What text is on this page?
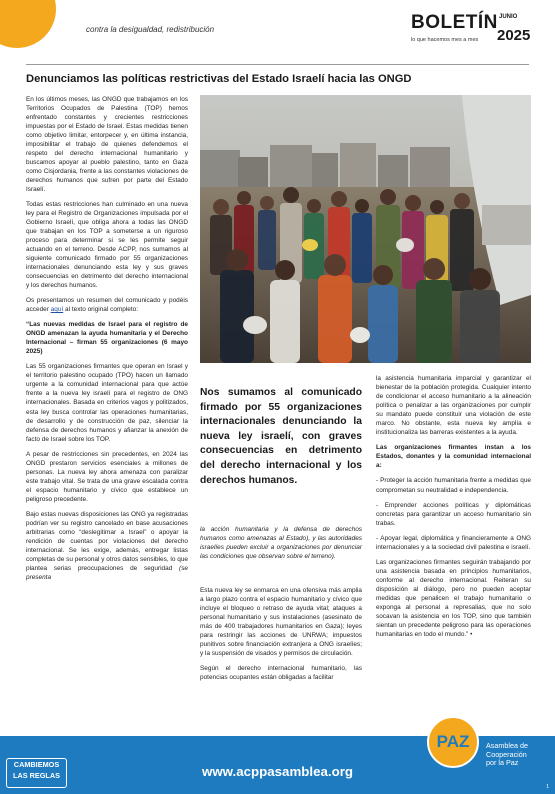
contra la desigualdad, redistribución	BOLETÍN JUNIO
2025
lo que hacemos mes a mes
Denunciamos las políticas restrictivas del Estado Israelí hacia las ONGD

En los últimos meses, las ONGD que trabajamos en los Territorios Ocupados de Palestina (TOP) hemos enfrentado constantes y crecientes restricciones impuestas por el Estado de Israel. Estas medidas tienen como objetivo limitar, entorpecer y, en última instancia, imposibilitar el trabajo de quienes defendemos el respeto del derecho internacional humanitario y buscamos apoyar al pueblo palestino, tanto en Gaza como Cisjordania, frente a las constantes violaciones de derechos humanos que sufren por parte del Estado Israelí.

Todas estas restricciones han culminado en una nueva ley para el Registro de Organizaciones impulsada por el Gobierno Israelí, que obliga ahora a todas las ONGD que trabajan en los TOP a someterse a un riguroso proceso para determinar si se les permite seguir actuando en el terreno. Desde ACPP, nos sumamos al siguiente comunicado firmado por 55 organizaciones internacionales denunciando esta ley y sus graves consecuencias en detrimento del derecho internacional y los derechos humanos.

Os presentamos un resumen del comunicado y podéis acceder aquí al texto original completo:

“Las nuevas medidas de Israel para el registro de ONGD amenazan la ayuda humanitaria y el Derecho Internacional – firman 55 organizaciones (6 mayo 2025)

Las 55 organizaciones firmantes que operan en Israel y el territorio palestino ocupado (TPO) hacen un llamado urgente a la comunidad internacional para que actúe frente a la nueva ley israelí para el registro de ONG internacionales. Basada en criterios vagos y politizados, esta ley busca controlar las operaciones humanitarias, de desarrollo y de construcción de paz, silenciar la defensa de derechos humanos y afianzar la anexión de facto de Israel sobre los TOP.

A pesar de restricciones sin precedentes, en 2024 las ONGD prestaron servicios esenciales a millones de personas. La nueva ley ahora amenaza con paralizar este trabajo vital. Se trata de una grave escalada contra el espacio humanitario y cívico que establece un peligroso precedente.

Bajo estas nuevas disposiciones las ONG ya registradas podrían ver su registro cancelado en base acusaciones arbitrarias como “deslegitimar a Israel” o apoyar la rendición de cuentas por violaciones del derecho internacional. Se les exige, además, entregar listas completas de su personal y otros datos sensibles, lo que plantea serias preocupaciones de seguridad (se presenta

Nos sumamos al comunicado firmado por 55 organizaciones internacionales denunciando la nueva ley israelí, con graves consecuencias en detrimento del derecho internacional y los derechos humanos.
la acción humanitaria y la defensa de derechos humanos como amenazas al Estado), y las autoridades israelíes pueden excluir a organizaciones por denunciar las condiciones que observan sobre el terreno).

Esta nueva ley se enmarca en una ofensiva más amplia a largo plazo contra el espacio humanitario y cívico que incluye el bloqueo o retraso de ayuda vital; ataques a personal humanitario y sus instalaciones (asesinato de más de 400 trabajadores humanitarios en Gaza); leyes para restringir las acciones de UNRWA; impuestos punitivos sobre financiación extranjera a ONG israelíes; y la suspensión de visados y permisos de circulación.

Según el derecho internacional humanitario, las potencias ocupantes están obligadas a facilitar

la asistencia humanitaria imparcial y garantizar el bienestar de la población protegida. Cualquier intento de condicionar el acceso humanitario a la alineación política o penalizar a las organizaciones por cumplir su mandato puede constituir una violación de este marco. No obstante, esta nueva ley amplía e institucionaliza las barreras existentes a la ayuda.

Las organizaciones firmantes instan a los Estados, donantes y la comunidad internacional a:

- Proteger la acción humanitaria frente a medidas que comprometan su neutralidad e independencia.

- Emprender acciones políticas y diplomáticas concretas para garantizar un acceso humanitario sin trabas.

- Apoyar legal, diplomática y financieramente a ONG internacionales y a la sociedad civil palestina e israelí.

Las organizaciones firmantes seguirán trabajando por una asistencia basada en principios humanitarios, conforme al derecho internacional. Reiteran su disposición al diálogo, pero no pueden aceptar medidas que penalicen el trabajo humanitario o exponga al personal a represalias, que no solo socavan la asistencia en los TOP, sino que también sientan un precedente peligroso para las operaciones humanitarias en todo el mundo.” •

CAMBIEMOS
LAS REGLAS	www.acppasamblea.org
PAZ	Asamblea de
Cooperación
por la Paz
1
